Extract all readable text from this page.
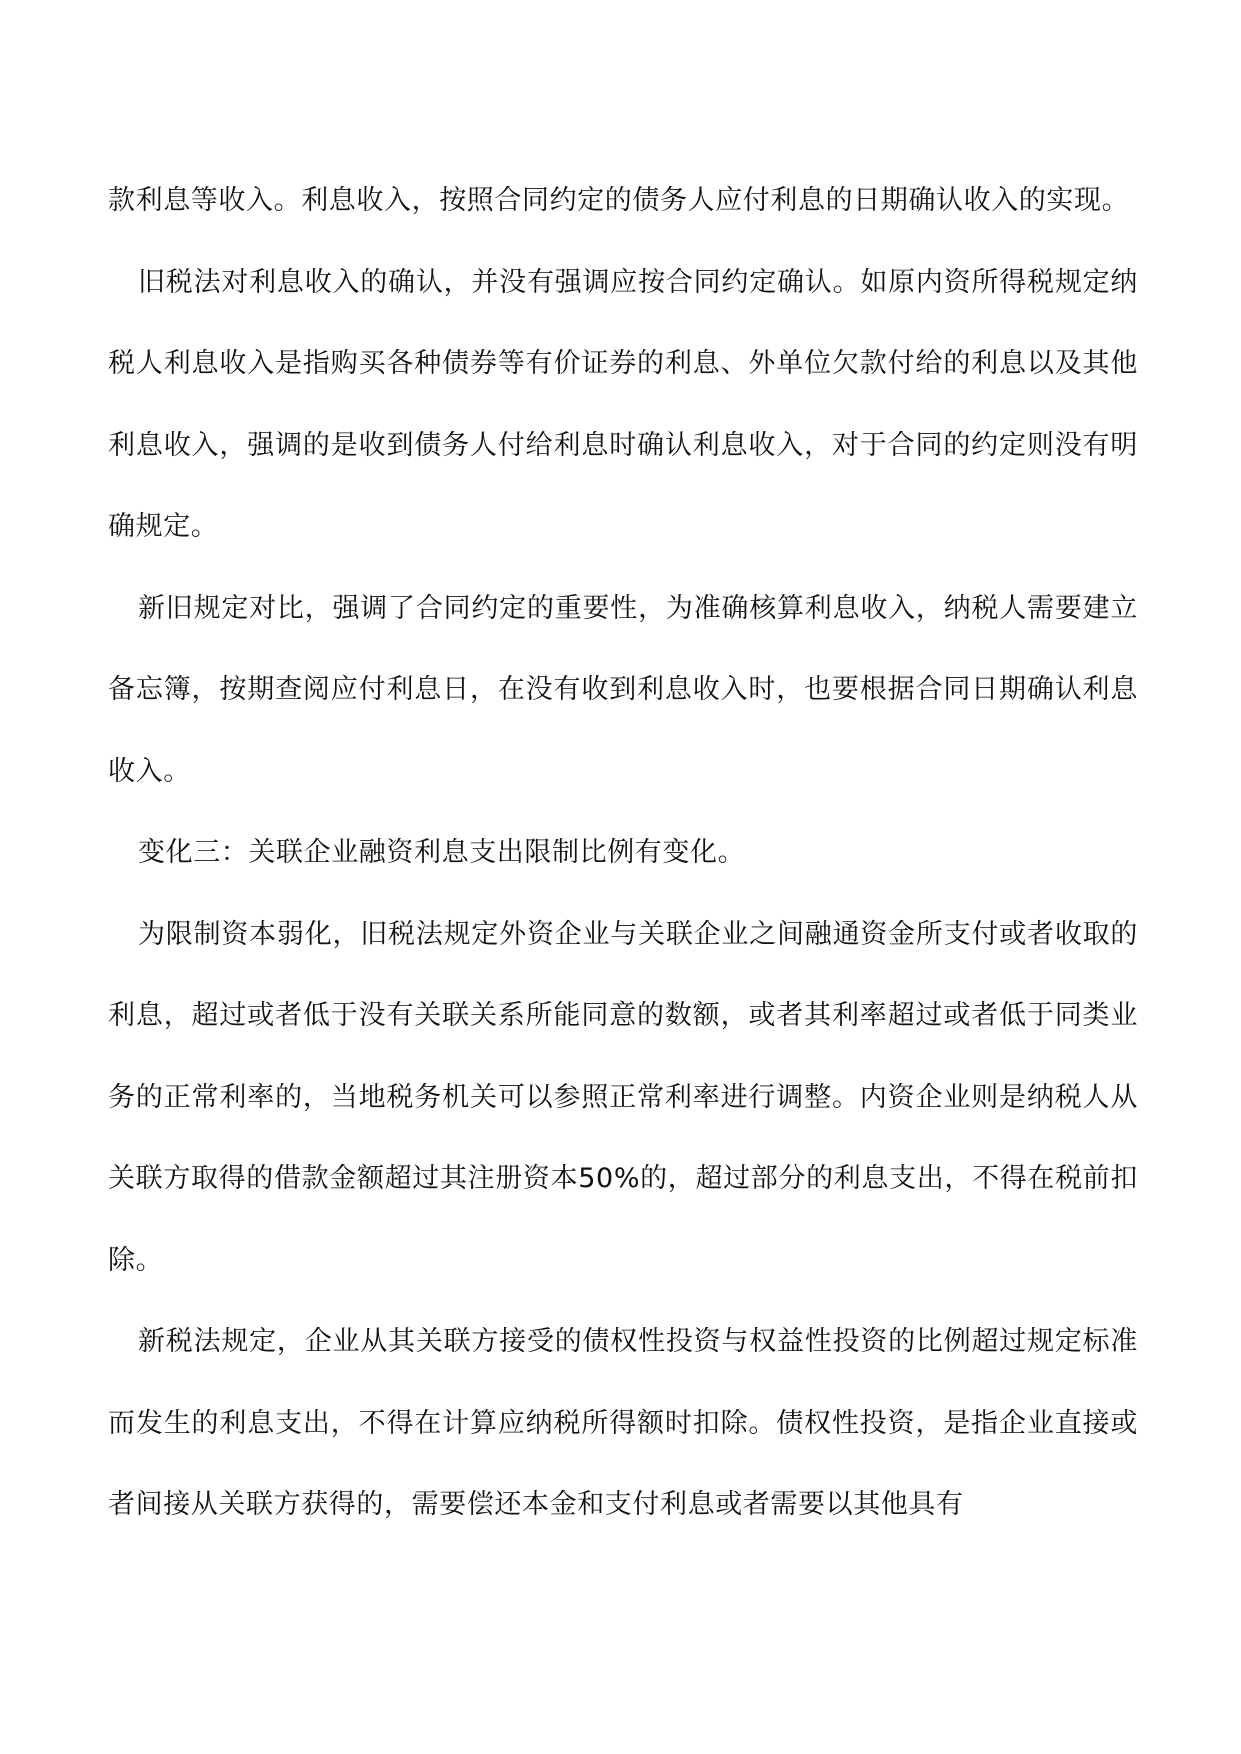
款利息等收入。利息收入，按照合同约定的债务人应付利息的日期确认收入的实现。

旧税法对利息收入的确认，并没有强调应按合同约定确认。如原内资所得税规定纳税人利息收入是指购买各种债券等有价证券的利息、外单位欠款付给的利息以及其他利息收入，强调的是收到债务人付给利息时确认利息收入，对于合同的约定则没有明确规定。

新旧规定对比，强调了合同约定的重要性，为准确核算利息收入，纳税人需要建立备忘簿，按期查阅应付利息日，在没有收到利息收入时，也要根据合同日期确认利息收入。

变化三：关联企业融资利息支出限制比例有变化。

为限制资本弱化，旧税法规定外资企业与关联企业之间融通资金所支付或者收取的利息，超过或者低于没有关联关系所能同意的数额，或者其利率超过或者低于同类业务的正常利率的，当地税务机关可以参照正常利率进行调整。内资企业则是纳税人从关联方取得的借款金额超过其注册资本50%的，超过部分的利息支出，不得在税前扣除。

新税法规定，企业从其关联方接受的债权性投资与权益性投资的比例超过规定标准而发生的利息支出，不得在计算应纳税所得额时扣除。债权性投资，是指企业直接或者间接从关联方获得的，需要偿还本金和支付利息或者需要以其他具有
